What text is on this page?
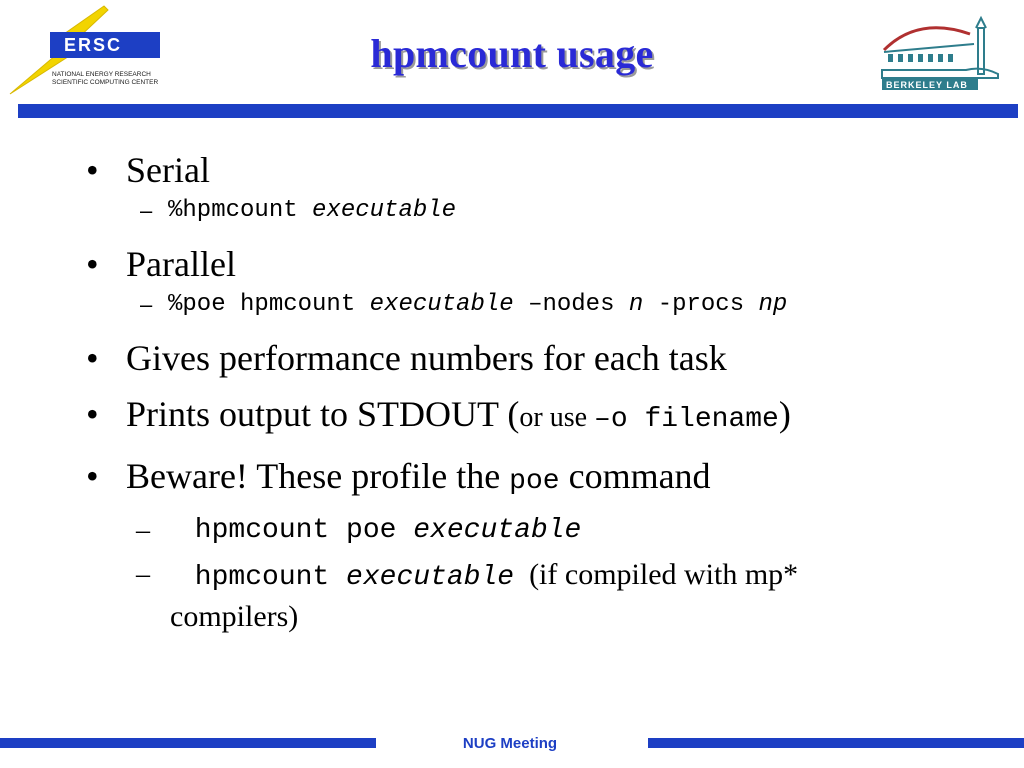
ERSC
NATIONAL ENERGY RESEARCH
SCIENTIFIC COMPUTING CENTER
hpmcount usage
BERKELEY LAB
• Serial
– %hpmcount executable
• Parallel
– %poe hpmcount executable –nodes n -procs np
• Gives performance numbers for each task
• Prints output to STDOUT (or use –o filename)
• Beware! These profile the poe command
– hpmcount poe executable
– hpmcount executable  (if compiled with mp*
compilers)
NUG Meeting
